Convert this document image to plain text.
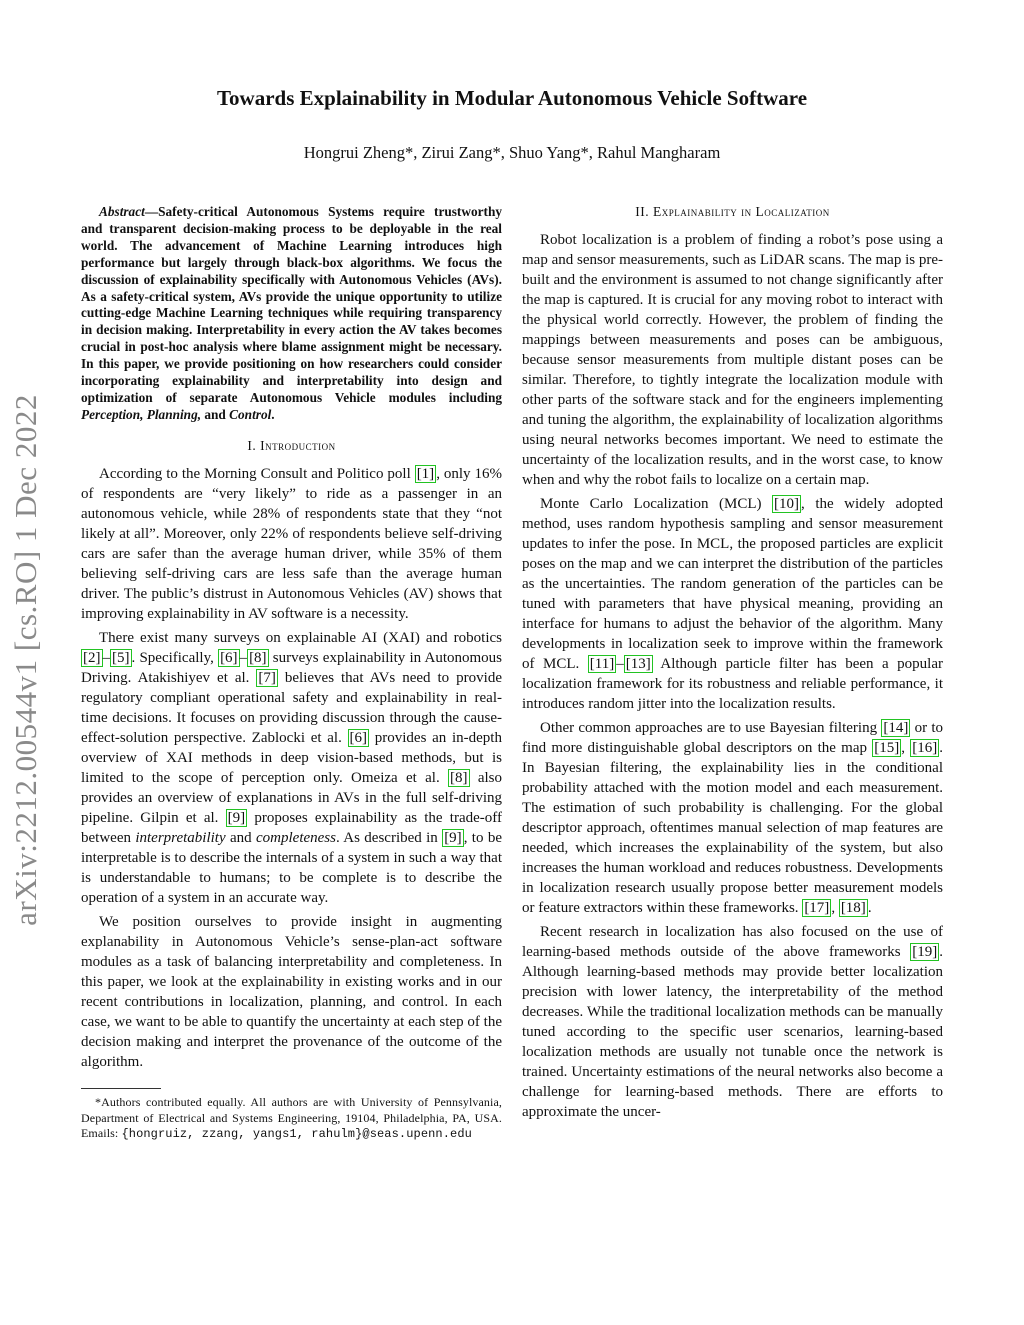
arXiv:2212.00544v1 [cs.RO] 1 Dec 2022
Towards Explainability in Modular Autonomous Vehicle Software
Hongrui Zheng*, Zirui Zang*, Shuo Yang*, Rahul Mangharam

Abstract—Safety-critical Autonomous Systems require trustworthy and transparent decision-making process to be deployable in the real world. The advancement of Machine Learning introduces high performance but largely through black-box algorithms. We focus the discussion of explainability specifically with Autonomous Vehicles (AVs). As a safety-critical system, AVs provide the unique opportunity to utilize cutting-edge Machine Learning techniques while requiring transparency in decision making. Interpretability in every action the AV takes becomes crucial in post-hoc analysis where blame assignment might be necessary. In this paper, we provide positioning on how researchers could consider incorporating explainability and interpretability into design and optimization of separate Autonomous Vehicle modules including Perception, Planning, and Control.

I. Introduction

According to the Morning Consult and Politico poll [1] , only 16% of respondents are “very likely” to ride as a passenger in an autonomous vehicle, while 28% of respondents state that they “not likely at all”. Moreover, only 22% of respondents believe self-driving cars are safer than the average human driver, while 35% of them believing self-driving cars are less safe than the average human driver. The public’s distrust in Autonomous Vehicles (AV) shows that improving explainability in AV software is a necessity.

There exist many surveys on explainable AI (XAI) and robotics [2] – [5] . Specifically, [6] – [8] surveys explainability in Autonomous Driving. Atakishiyev et al. [7] believes that AVs need to provide regulatory compliant operational safety and explainability in real-time decisions. It focuses on providing discussion through the cause-effect-solution perspective. Zablocki et al. [6] provides an in-depth overview of XAI methods in deep vision-based methods, but is limited to the scope of perception only. Omeiza et al. [8] also provides an overview of explanations in AVs in the full self-driving pipeline. Gilpin et al. [9] proposes explainability as the trade-off between interpretability and completeness. As described in [9] , to be interpretable is to describe the internals of a system in such a way that is understandable to humans; to be complete is to describe the operation of a system in an accurate way.

We position ourselves to provide insight in augmenting explanability in Autonomous Vehicle’s sense-plan-act software modules as a task of balancing interpretability and completeness. In this paper, we look at the explainability in existing works and in our recent contributions in localization, planning, and control. In each case, we want to be able to quantify the uncertainty at each step of the decision making and interpret the provenance of the outcome of the algorithm.

*Authors contributed equally. All authors are with University of Pennsylvania, Department of Electrical and Systems Engineering, 19104, Philadelphia, PA, USA. Emails: {hongruiz, zzang, yangs1, rahulm}@seas.upenn.edu

II. Explainability in Localization

Robot localization is a problem of finding a robot’s pose using a map and sensor measurements, such as LiDAR scans. The map is pre-built and the environment is assumed to not change significantly after the map is captured. It is crucial for any moving robot to interact with the physical world correctly. However, the problem of finding the mappings between measurements and poses can be ambiguous, because sensor measurements from multiple distant poses can be similar. Therefore, to tightly integrate the localization module with other parts of the software stack and for the engineers implementing and tuning the algorithm, the explainability of localization algorithms using neural networks becomes important. We need to estimate the uncertainty of the localization results, and in the worst case, to know when and why the robot fails to localize on a certain map.

Monte Carlo Localization (MCL) [10] , the widely adopted method, uses random hypothesis sampling and sensor measurement updates to infer the pose. In MCL, the proposed particles are explicit poses on the map and we can interpret the distribution of the particles as the uncertainties. The random generation of the particles can be tuned with parameters that have physical meaning, providing an interface for humans to adjust the behavior of the algorithm. Many developments in localization seek to improve within the framework of MCL. [11] – [13] Although particle filter has been a popular localization framework for its robustness and reliable performance, it introduces random jitter into the localization results.

Other common approaches are to use Bayesian filtering [14] or to find more distinguishable global descriptors on the map [15] , [16] . In Bayesian filtering, the explainability lies in the conditional probability attached with the motion model and each measurement. The estimation of such probability is challenging. For the global descriptor approach, oftentimes manual selection of map features are needed, which increases the explainability of the system, but also increases the human workload and reduces robustness. Developments in localization research usually propose better measurement models or feature extractors within these frameworks. [17] , [18] .

Recent research in localization has also focused on the use of learning-based methods outside of the above frameworks [19] . Although learning-based methods may provide better localization precision with lower latency, the interpretability of the method decreases. While the traditional localization methods can be manually tuned according to the specific user scenarios, learning-based localization methods are usually not tunable once the network is trained. Uncertainty estimations of the neural networks also become a challenge for learning-based methods. There are efforts to approximate the uncer-
